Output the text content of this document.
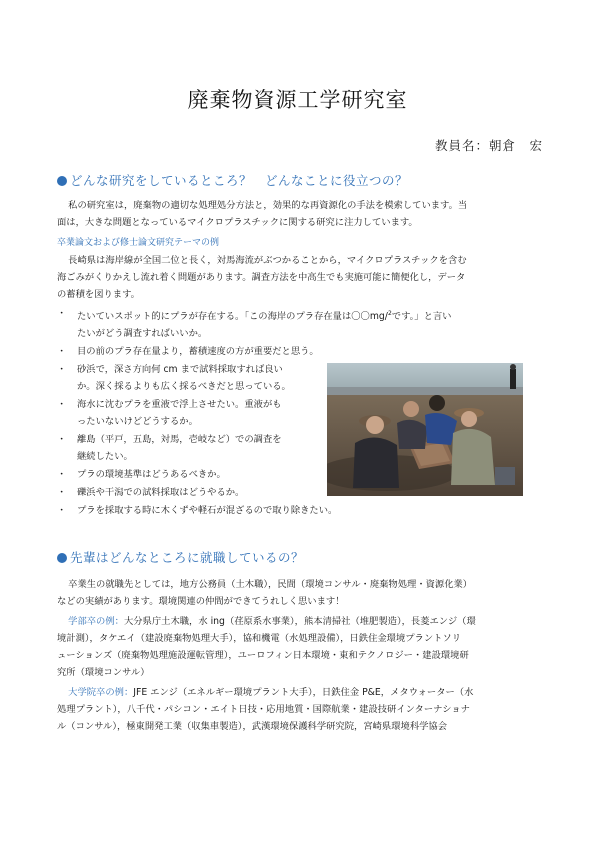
廃棄物資源工学研究室
教員名：朝倉　宏
どんな研究をしているところ？　どんなことに役立つの？
私の研究室は，廃棄物の適切な処理処分方法と，効果的な再資源化の手法を模索しています。当
面は，大きな問題となっているマイクロプラスチックに関する研究に注力しています。
卒業論文および修士論文研究テーマの例
長崎県は海岸線が全国二位と長く，対馬海流がぶつかることから，マイクロプラスチックを含む
海ごみがくりかえし流れ着く問題があります。調査方法を中高生でも実施可能に簡便化し，データ
の蓄積を図ります。
・ たいていスポット的にプラが存在する。「この海岸のプラ存在量は〇〇mg/$^2$です。」と言い
たいがどう調査すればいいか。
・ 目の前のプラ存在量より，蓄積速度の方が重要だと思う。
・ 砂浜で，深さ方向何 cm まで試料採取すれば良い
か。深く採るよりも広く採るべきだと思っている。
・ 海水に沈むプラを重液で浮上させたい。重液がも
ったいないけどどうするか。
・ 離島（平戸，五島，対馬，壱岐など）での調査を
継続したい。
・ プラの環境基準はどうあるべきか。
・ 礫浜や干潟での試料採取はどうやるか。
・ プラを採取する時に木くずや軽石が混ざるので取り除きたい。
先輩はどんなところに就職しているの？
卒業生の就職先としては，地方公務員（土木職），民間（環境コンサル・廃棄物処理・資源化業）
などの実績があります。環境関連の仲間ができてうれしく思います！
学部卒の例：大分県庁土木職，水 ing（荏原系水事業），熊本清掃社（堆肥製造），長菱エンジ（環
境計測），タケエイ（建設廃棄物処理大手），協和機電（水処理設備），日鉄住金環境プラントソリ
ューションズ（廃棄物処理施設運転管理），ユーロフィン日本環境・東和テクノロジー・建設環境研
究所（環境コンサル）
大学院卒の例：JFE エンジ（エネルギー環境プラント大手），日鉄住金 P&E，メタウォーター（水
処理プラント），八千代・パシコン・エイト日技・応用地質・国際航業・建設技研インターナショナ
ル（コンサル），極東開発工業（収集車製造），武漢環境保護科学研究院，宮崎県環境科学協会
